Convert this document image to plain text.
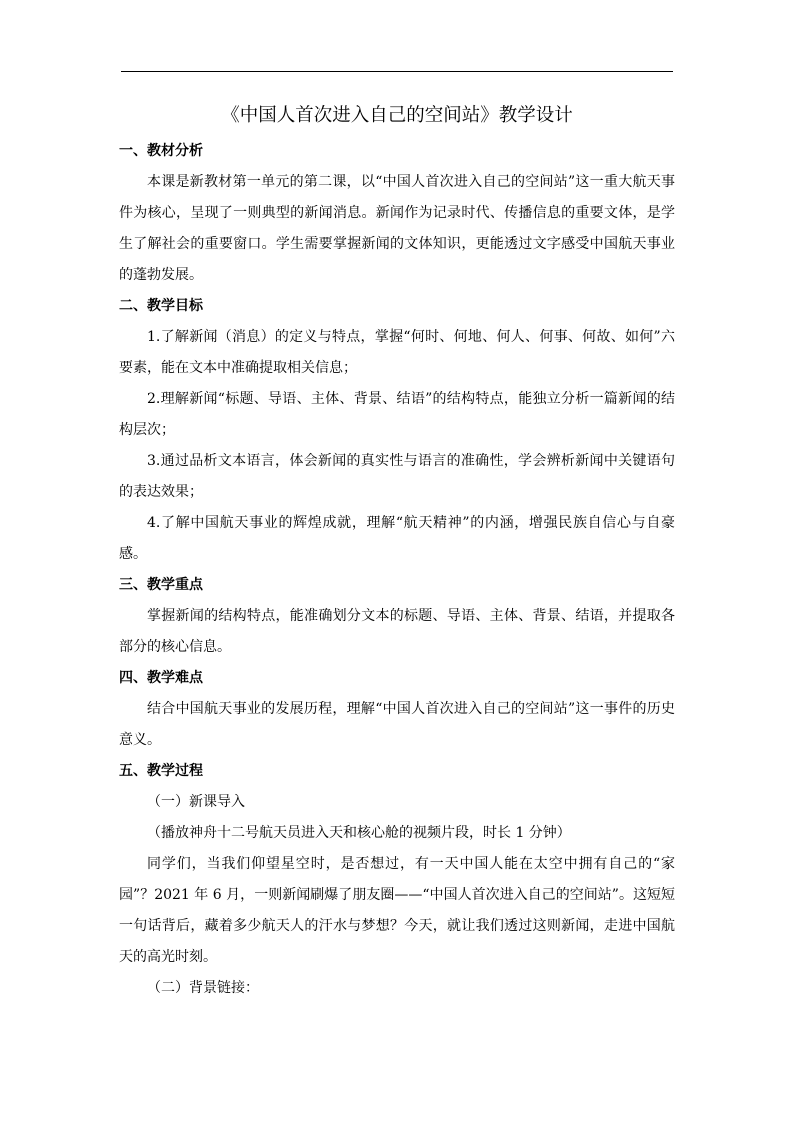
《中国人首次进入自己的空间站》教学设计

一、教材分析

本课是新教材第一单元的第二课，以“中国人首次进入自己的空间站”这一重大航天事件为核心，呈现了一则典型的新闻消息。新闻作为记录时代、传播信息的重要文体，是学生了解社会的重要窗口。学生需要掌握新闻的文体知识，更能透过文字感受中国航天事业的蓬勃发展。

二、教学目标

1.了解新闻（消息）的定义与特点，掌握“何时、何地、何人、何事、何故、如何”六要素，能在文本中准确提取相关信息；

2.理解新闻“标题、导语、主体、背景、结语”的结构特点，能独立分析一篇新闻的结构层次；

3.通过品析文本语言，体会新闻的真实性与语言的准确性，学会辨析新闻中关键语句的表达效果；

4.了解中国航天事业的辉煌成就，理解“航天精神”的内涵，增强民族自信心与自豪感。

三、教学重点

掌握新闻的结构特点，能准确划分文本的标题、导语、主体、背景、结语，并提取各部分的核心信息。

四、教学难点

结合中国航天事业的发展历程，理解“中国人首次进入自己的空间站”这一事件的历史意义。

五、教学过程

（一）新课导入

（播放神舟十二号航天员进入天和核心舱的视频片段，时长 1 分钟）

同学们，当我们仰望星空时，是否想过，有一天中国人能在太空中拥有自己的“家园”？2021 年 6 月，一则新闻刷爆了朋友圈——“中国人首次进入自己的空间站”。这短短一句话背后，藏着多少航天人的汗水与梦想？今天，就让我们透过这则新闻，走进中国航天的高光时刻。

（二）背景链接：
